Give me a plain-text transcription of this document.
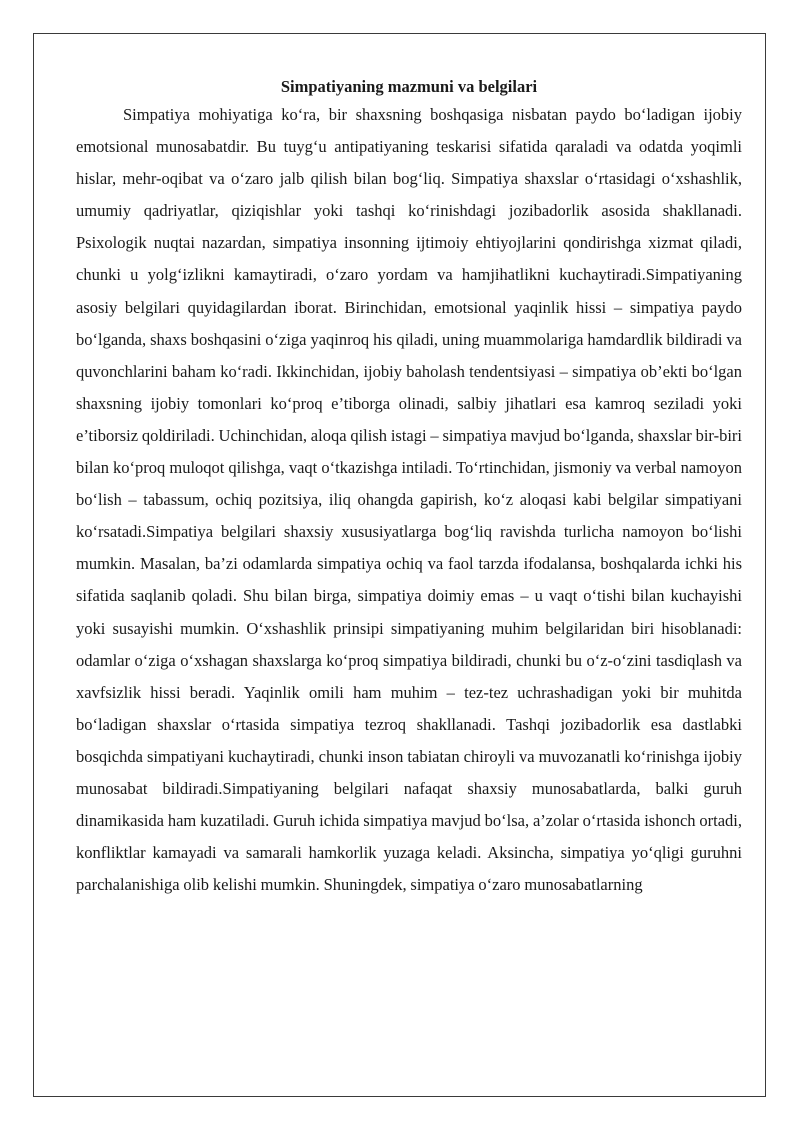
Simpatiyaning mazmuni va belgilari

Simpatiya mohiyatiga ko‘ra, bir shaxsning boshqasiga nisbatan paydo bo‘ladigan ijobiy emotsional munosabatdir. Bu tuyg‘u antipatiyaning teskarisi sifatida qaraladi va odatda yoqimli hislar, mehr-oqibat va o‘zaro jalb qilish bilan bog‘liq. Simpatiya shaxslar o‘rtasidagi o‘xshashlik, umumiy qadriyatlar, qiziqishlar yoki tashqi ko‘rinishdagi jozibadorlik asosida shakllanadi. Psixologik nuqtai nazardan, simpatiya insonning ijtimoiy ehtiyojlarini qondirishga xizmat qiladi, chunki u yolg‘izlikni kamaytiradi, o‘zaro yordam va hamjihatlikni kuchaytiradi.Simpatiyaning asosiy belgilari quyidagilardan iborat. Birinchidan, emotsional yaqinlik hissi – simpatiya paydo bo‘lganda, shaxs boshqasini o‘ziga yaqinroq his qiladi, uning muammolariga hamdardlik bildiradi va quvonchlarini baham ko‘radi. Ikkinchidan, ijobiy baholash tendentsiyasi – simpatiya ob’ekti bo‘lgan shaxsning ijobiy tomonlari ko‘proq e’tiborga olinadi, salbiy jihatlari esa kamroq seziladi yoki e’tiborsiz qoldiriladi. Uchinchidan, aloqa qilish istagi – simpatiya mavjud bo‘lganda, shaxslar bir-biri bilan ko‘proq muloqot qilishga, vaqt o‘tkazishga intiladi. To‘rtinchidan, jismoniy va verbal namoyon bo‘lish – tabassum, ochiq pozitsiya, iliq ohangda gapirish, ko‘z aloqasi kabi belgilar simpatiyani ko‘rsatadi.Simpatiya belgilari shaxsiy xususiyatlarga bog‘liq ravishda turlicha namoyon bo‘lishi mumkin. Masalan, ba’zi odamlarda simpatiya ochiq va faol tarzda ifodalansa, boshqalarda ichki his sifatida saqlanib qoladi. Shu bilan birga, simpatiya doimiy emas – u vaqt o‘tishi bilan kuchayishi yoki susayishi mumkin. O‘xshashlik prinsipi simpatiyaning muhim belgilaridan biri hisoblanadi: odamlar o‘ziga o‘xshagan shaxslarga ko‘proq simpatiya bildiradi, chunki bu o‘z-o‘zini tasdiqlash va xavfsizlik hissi beradi. Yaqinlik omili ham muhim – tez-tez uchrashadigan yoki bir muhitda bo‘ladigan shaxslar o‘rtasida simpatiya tezroq shakllanadi. Tashqi jozibadorlik esa dastlabki bosqichda simpatiyani kuchaytiradi, chunki inson tabiatan chiroyli va muvozanatli ko‘rinishga ijobiy munosabat bildiradi.Simpatiyaning belgilari nafaqat shaxsiy munosabatlarda, balki guruh dinamikasida ham kuzatiladi. Guruh ichida simpatiya mavjud bo‘lsa, a’zolar o‘rtasida ishonch ortadi, konfliktlar kamayadi va samarali hamkorlik yuzaga keladi. Aksincha, simpatiya yo‘qligi guruhni parchalanishiga olib kelishi mumkin. Shuningdek, simpatiya o‘zaro munosabatlarning
